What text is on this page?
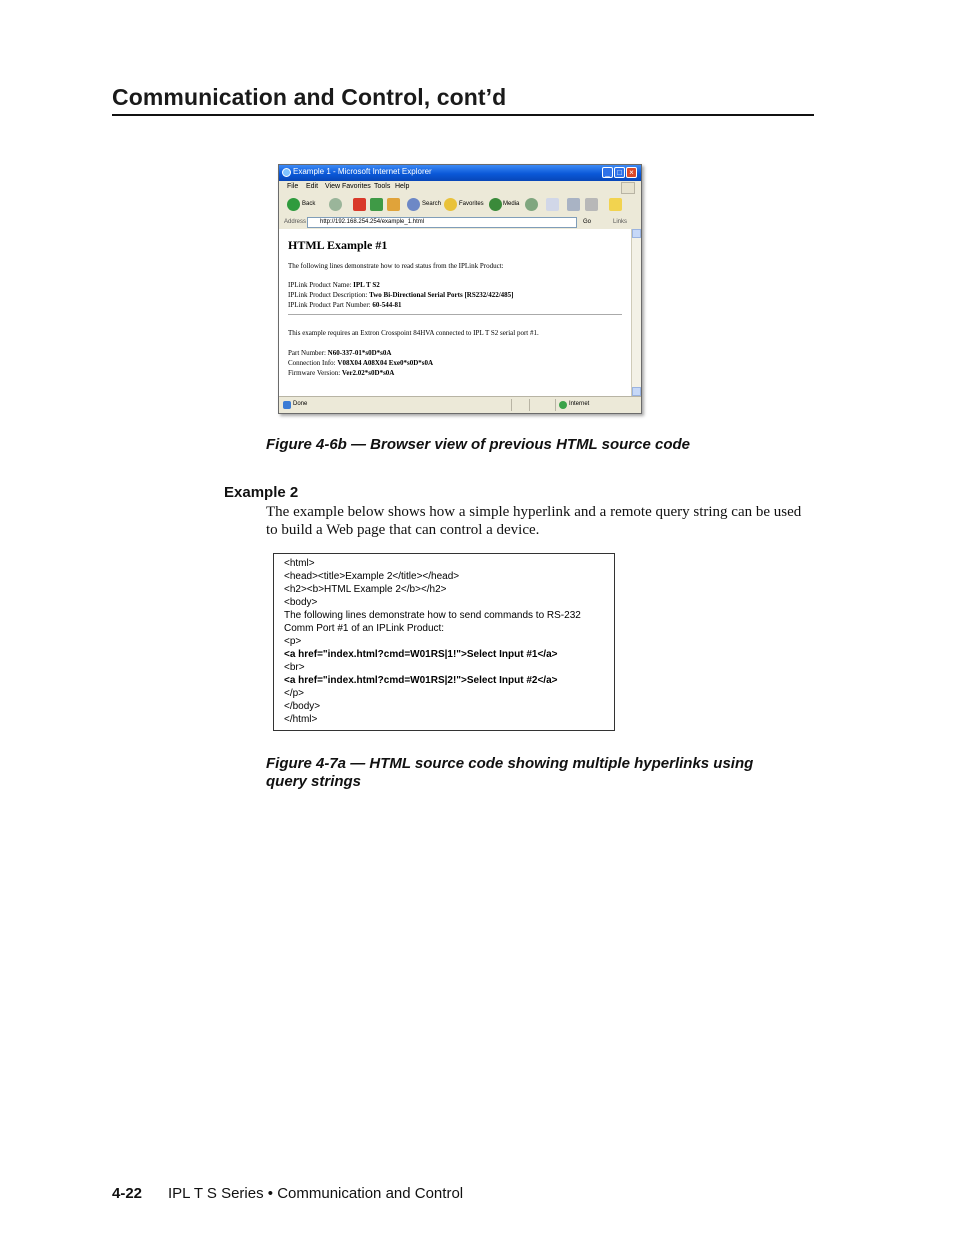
Communication and Control, cont’d
Example 1 - Microsoft Internet Explorer	_ □ ×
File Edit View Favorites Tools Help
Back	Search	Favorites	Media
Address http://192.168.254.254/example_1.html	Go	Links
HTML Example #1
The following lines demonstrate how to read status from the IPLink Product:
IPLink Product Name: IPL T S2
IPLink Product Description: Two Bi-Directional Serial Ports [RS232/422/485]
IPLink Product Part Number: 60-544-81
This example requires an Extron Crosspoint 84HVA connected to IPL T S2 serial port #1.
Part Number: N60-337-01*s0D*s0A
Connection Info: V08X04 A08X04 Exe0*s0D*s0A
Firmware Version: Ver2.02*s0D*s0A
Done	Internet
Figure 4-6b — Browser view of previous HTML source code
Example 2
The example below shows how a simple hyperlink and a remote query string can be used to build a Web page that can control a device.
<html>
<head><title>Example 2</title></head>
<h2><b>HTML Example 2</b></h2>
<body>
The following lines demonstrate how to send commands to RS-232
Comm Port #1 of an IPLink Product:
<p>
<a href="index.html?cmd=W01RS|1!">Select Input #1</a>
<br>
<a href="index.html?cmd=W01RS|2!">Select Input #2</a>
</p>
</body>
</html>
Figure 4-7a — HTML source code showing multiple hyperlinks using
query strings
4-22 IPL T S Series • Communication and Control
